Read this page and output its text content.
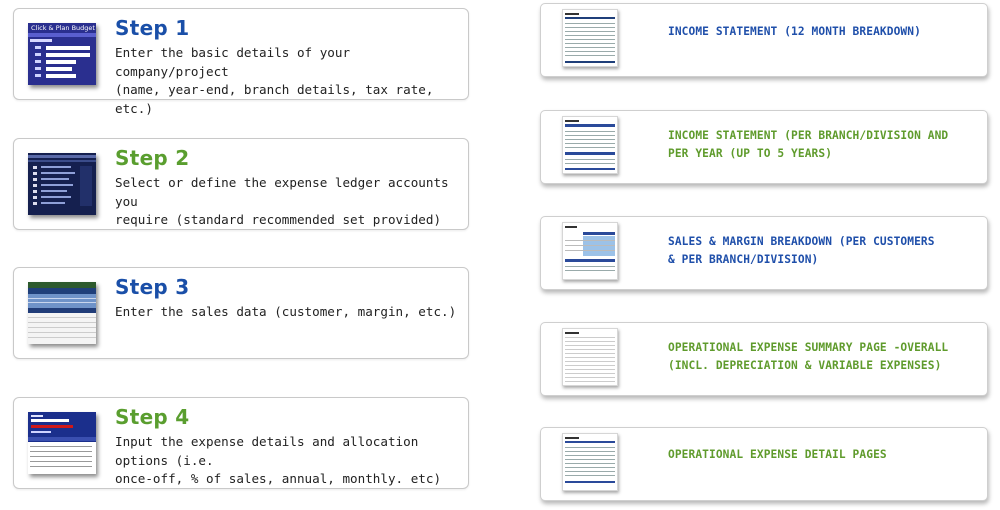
Click & Plan Budget Step 1
Enter the basic details of your company/project
(name, year-end, branch details, tax rate, etc.)
Step 2
Select or define the expense ledger accounts you
require (standard recommended set provided)
Step 3
Enter the sales data (customer, margin, etc.)
Step 4
Input the expense details and allocation options (i.e.
once-off, % of sales, annual, monthly. etc)
INCOME STATEMENT (12 MONTH BREAKDOWN)
INCOME STATEMENT (PER BRANCH/DIVISION AND
PER YEAR (UP TO 5 YEARS)
SALES & MARGIN BREAKDOWN (PER CUSTOMERS
& PER BRANCH/DIVISION)
OPERATIONAL EXPENSE SUMMARY PAGE -OVERALL
(INCL. DEPRECIATION & VARIABLE EXPENSES)
OPERATIONAL EXPENSE DETAIL PAGES
